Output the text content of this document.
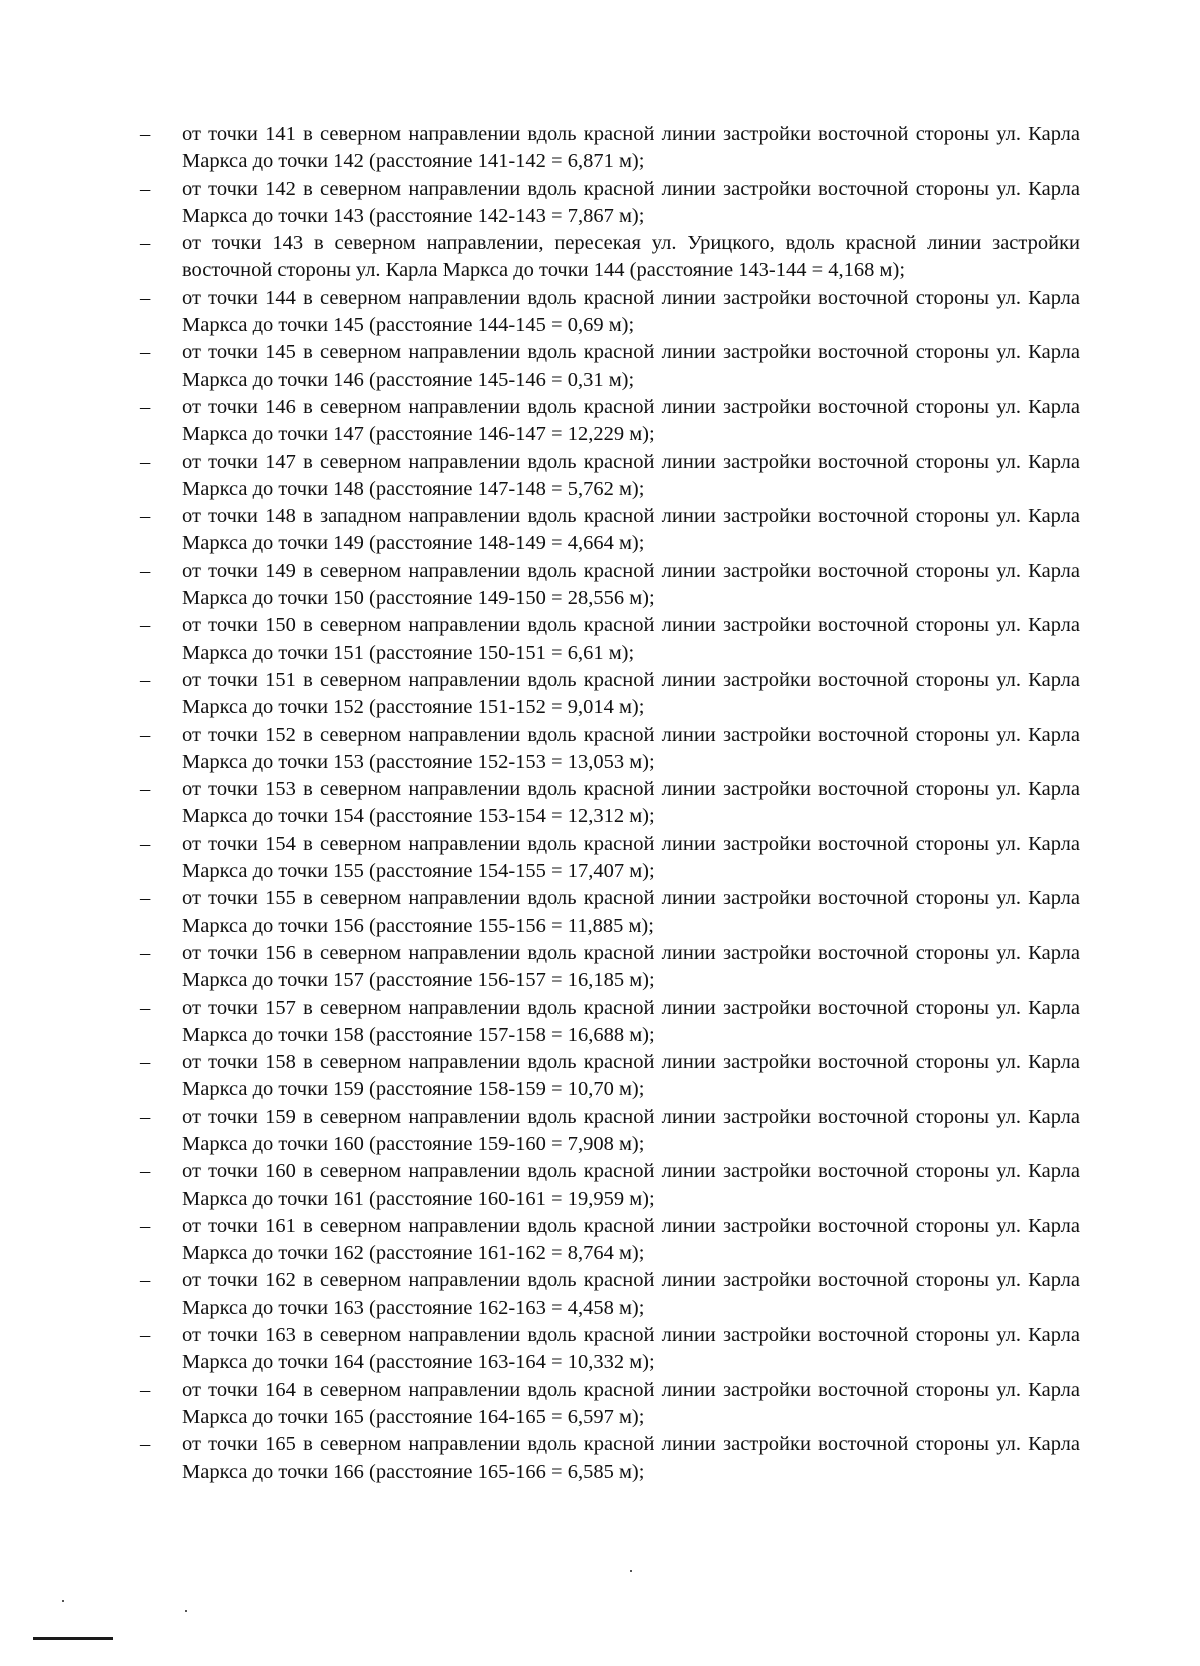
– от точки 141 в северном направлении вдоль красной линии застройки восточной стороны ул. Карла Маркса до точки 142 (расстояние 141-142 = 6,871 м);
– от точки 142 в северном направлении вдоль красной линии застройки восточной стороны ул. Карла Маркса до точки 143 (расстояние 142-143 = 7,867 м);
– от точки 143 в северном направлении, пересекая ул. Урицкого, вдоль красной линии застройки восточной стороны ул. Карла Маркса до точки 144 (расстояние 143-144 = 4,168 м);
– от точки 144 в северном направлении вдоль красной линии застройки восточной стороны ул. Карла Маркса до точки 145 (расстояние 144-145 = 0,69 м);
– от точки 145 в северном направлении вдоль красной линии застройки восточной стороны ул. Карла Маркса до точки 146 (расстояние 145-146 = 0,31 м);
– от точки 146 в северном направлении вдоль красной линии застройки восточной стороны ул. Карла Маркса до точки 147 (расстояние 146-147 = 12,229 м);
– от точки 147 в северном направлении вдоль красной линии застройки восточной стороны ул. Карла Маркса до точки 148 (расстояние 147-148 = 5,762 м);
– от точки 148 в западном направлении вдоль красной линии застройки восточной стороны ул. Карла Маркса до точки 149 (расстояние 148-149 = 4,664 м);
– от точки 149 в северном направлении вдоль красной линии застройки восточной стороны ул. Карла Маркса до точки 150 (расстояние 149-150 = 28,556 м);
– от точки 150 в северном направлении вдоль красной линии застройки восточной стороны ул. Карла Маркса до точки 151 (расстояние 150-151 = 6,61 м);
– от точки 151 в северном направлении вдоль красной линии застройки восточной стороны ул. Карла Маркса до точки 152 (расстояние 151-152 = 9,014 м);
– от точки 152 в северном направлении вдоль красной линии застройки восточной стороны ул. Карла Маркса до точки 153 (расстояние 152-153 = 13,053 м);
– от точки 153 в северном направлении вдоль красной линии застройки восточной стороны ул. Карла Маркса до точки 154 (расстояние 153-154 = 12,312 м);
– от точки 154 в северном направлении вдоль красной линии застройки восточной стороны ул. Карла Маркса до точки 155 (расстояние 154-155 = 17,407 м);
– от точки 155 в северном направлении вдоль красной линии застройки восточной стороны ул. Карла Маркса до точки 156 (расстояние 155-156 = 11,885 м);
– от точки 156 в северном направлении вдоль красной линии застройки восточной стороны ул. Карла Маркса до точки 157 (расстояние 156-157 = 16,185 м);
– от точки 157 в северном направлении вдоль красной линии застройки восточной стороны ул. Карла Маркса до точки 158 (расстояние 157-158 = 16,688 м);
– от точки 158 в северном направлении вдоль красной линии застройки восточной стороны ул. Карла Маркса до точки 159 (расстояние 158-159 = 10,70 м);
– от точки 159 в северном направлении вдоль красной линии застройки восточной стороны ул. Карла Маркса до точки 160 (расстояние 159-160 = 7,908 м);
– от точки 160 в северном направлении вдоль красной линии застройки восточной стороны ул. Карла Маркса до точки 161 (расстояние 160-161 = 19,959 м);
– от точки 161 в северном направлении вдоль красной линии застройки восточной стороны ул. Карла Маркса до точки 162 (расстояние 161-162 = 8,764 м);
– от точки 162 в северном направлении вдоль красной линии застройки восточной стороны ул. Карла Маркса до точки 163 (расстояние 162-163 = 4,458 м);
– от точки 163 в северном направлении вдоль красной линии застройки восточной стороны ул. Карла Маркса до точки 164 (расстояние 163-164 = 10,332 м);
– от точки 164 в северном направлении вдоль красной линии застройки восточной стороны ул. Карла Маркса до точки 165 (расстояние 164-165 = 6,597 м);
– от точки 165 в северном направлении вдоль красной линии застройки восточной стороны ул. Карла Маркса до точки 166 (расстояние 165-166 = 6,585 м);
